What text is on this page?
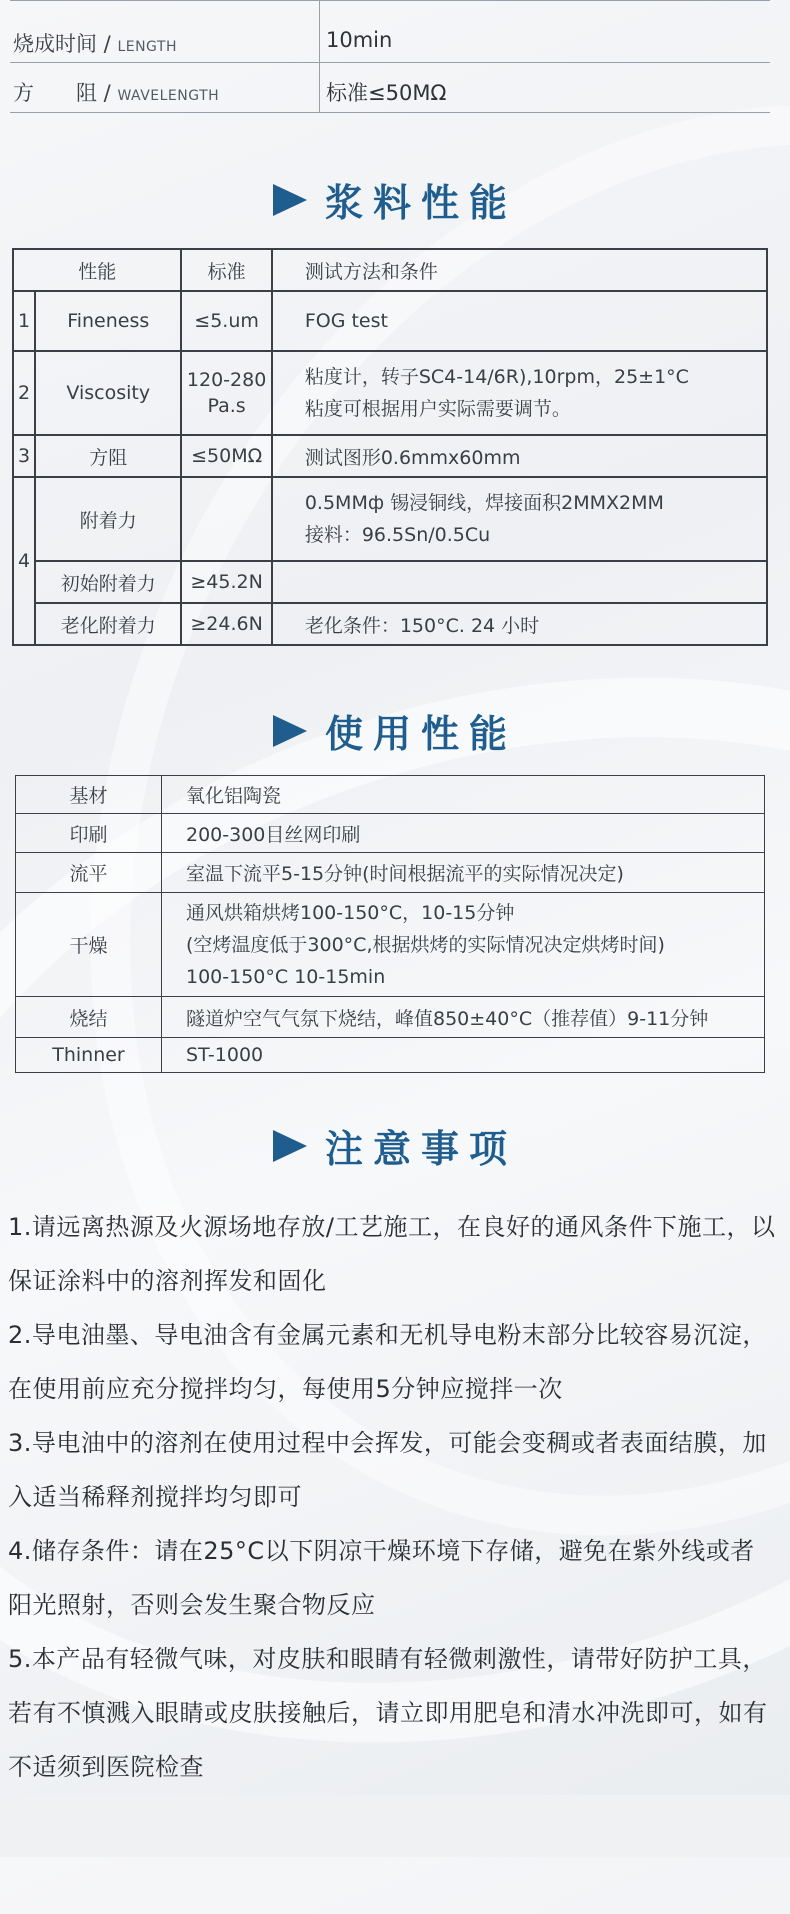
烧成时间 / LENGTH	10min
方　　阻 / WAVELENGTH	标准≤50MΩ
浆料性能
性能		标准	测试方法和条件
1	Fineness	≤5.um	FOG test
2	Viscosity	120-280 Pa.s	粘度计，转子SC4-14/6R),10rpm，25±1°C
粘度可根据用户实际需要调节。

3	方阻	≤50MΩ	测试图形0.6mmx60mm
4	附着力		0.5MMф 锡浸铜线，焊接面积2MMX2MM
接料：96.5Sn/0.5Cu

	初始附着力	≥45.2N	
	老化附着力	≥24.6N	老化条件：150°C. 24 小时
使用性能
基材	氧化铝陶瓷
印刷	200-300目丝网印刷
流平	室温下流平5-15分钟(时间根据流平的实际情况决定)
干燥	通风烘箱烘烤100-150°C，10-15分钟
(空烤温度低于300°C,根据烘烤的实际情况决定烘烤时间)
100-150°C 10-15min

烧结	隧道炉空气气氛下烧结，峰值850±40°C（推荐值）9-11分钟
Thinner	ST-1000
注意事项
1.请远离热源及火源场地存放/工艺施工，在良好的通风条件下施工，以保证涂料中的溶剂挥发和固化
2.导电油墨、导电油含有金属元素和无机导电粉末部分比较容易沉淀，在使用前应充分搅拌均匀，每使用5分钟应搅拌一次
3.导电油中的溶剂在使用过程中会挥发，可能会变稠或者表面结膜，加入适当稀释剂搅拌均匀即可
4.储存条件：请在25°C以下阴凉干燥环境下存储，避免在紫外线或者阳光照射，否则会发生聚合物反应
5.本产品有轻微气味，对皮肤和眼睛有轻微刺激性，请带好防护工具，若有不慎溅入眼睛或皮肤接触后，请立即用肥皂和清水冲洗即可，如有不适须到医院检查
